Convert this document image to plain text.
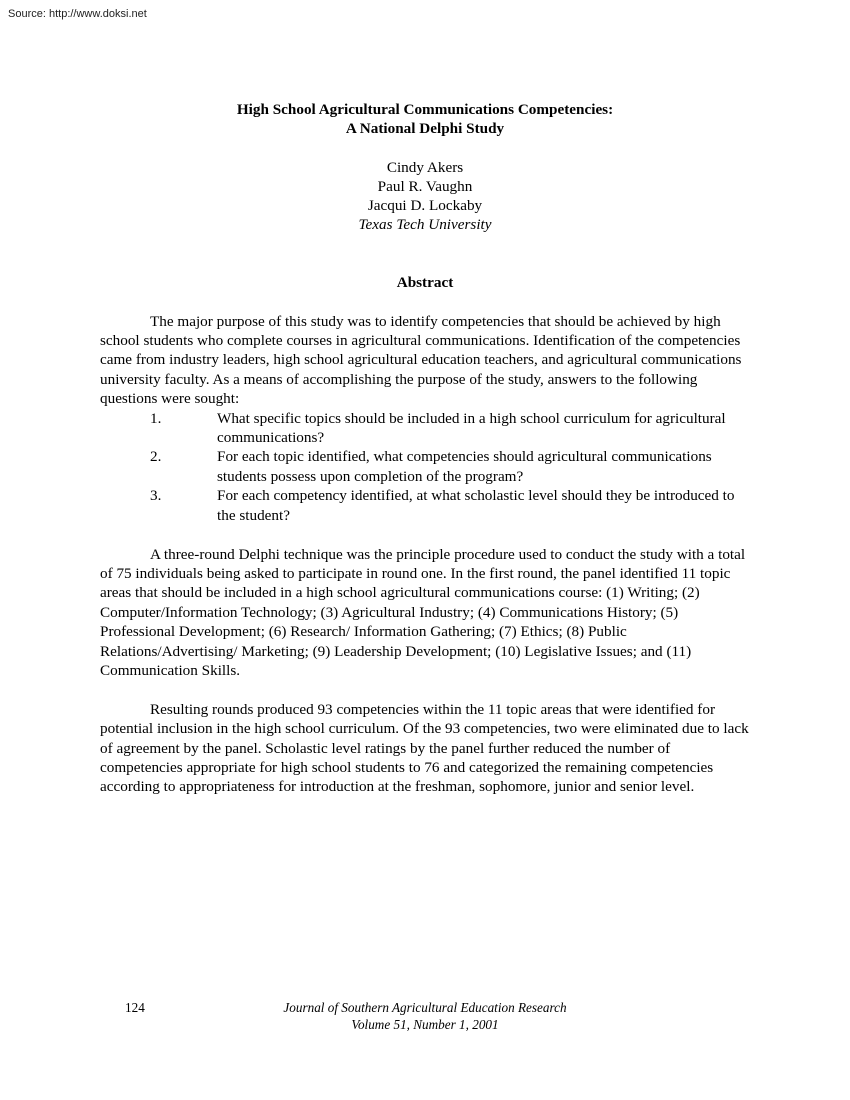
Source: http://www.doksi.net
High School Agricultural Communications Competencies:
A National Delphi Study
Cindy Akers
Paul R. Vaughn
Jacqui D. Lockaby
Texas Tech University
Abstract
The major purpose of this study was to identify competencies that should be achieved by high school students who complete courses in agricultural communications. Identification of the competencies came from industry leaders, high school agricultural education teachers, and agricultural communications university faculty. As a means of accomplishing the purpose of the study, answers to the following questions were sought:
1.	What specific topics should be included in a high school curriculum for agricultural communications?
2.	For each topic identified, what competencies should agricultural communications students possess upon completion of the program?
3.	For each competency identified, at what scholastic level should they be introduced to the student?
A three-round Delphi technique was the principle procedure used to conduct the study with a total of 75 individuals being asked to participate in round one. In the first round, the panel identified 11 topic areas that should be included in a high school agricultural communications course: (1) Writing; (2) Computer/Information Technology; (3) Agricultural Industry; (4) Communications History; (5) Professional Development; (6) Research/ Information Gathering; (7) Ethics; (8) Public Relations/Advertising/ Marketing; (9) Leadership Development; (10) Legislative Issues; and (11) Communication Skills.
Resulting rounds produced 93 competencies within the 11 topic areas that were identified for potential inclusion in the high school curriculum. Of the 93 competencies, two were eliminated due to lack of agreement by the panel. Scholastic level ratings by the panel further reduced the number of competencies appropriate for high school students to 76 and categorized the remaining competencies according to appropriateness for introduction at the freshman, sophomore, junior and senior level.
124	Journal of Southern Agricultural Education Research
Volume 51, Number 1, 2001
